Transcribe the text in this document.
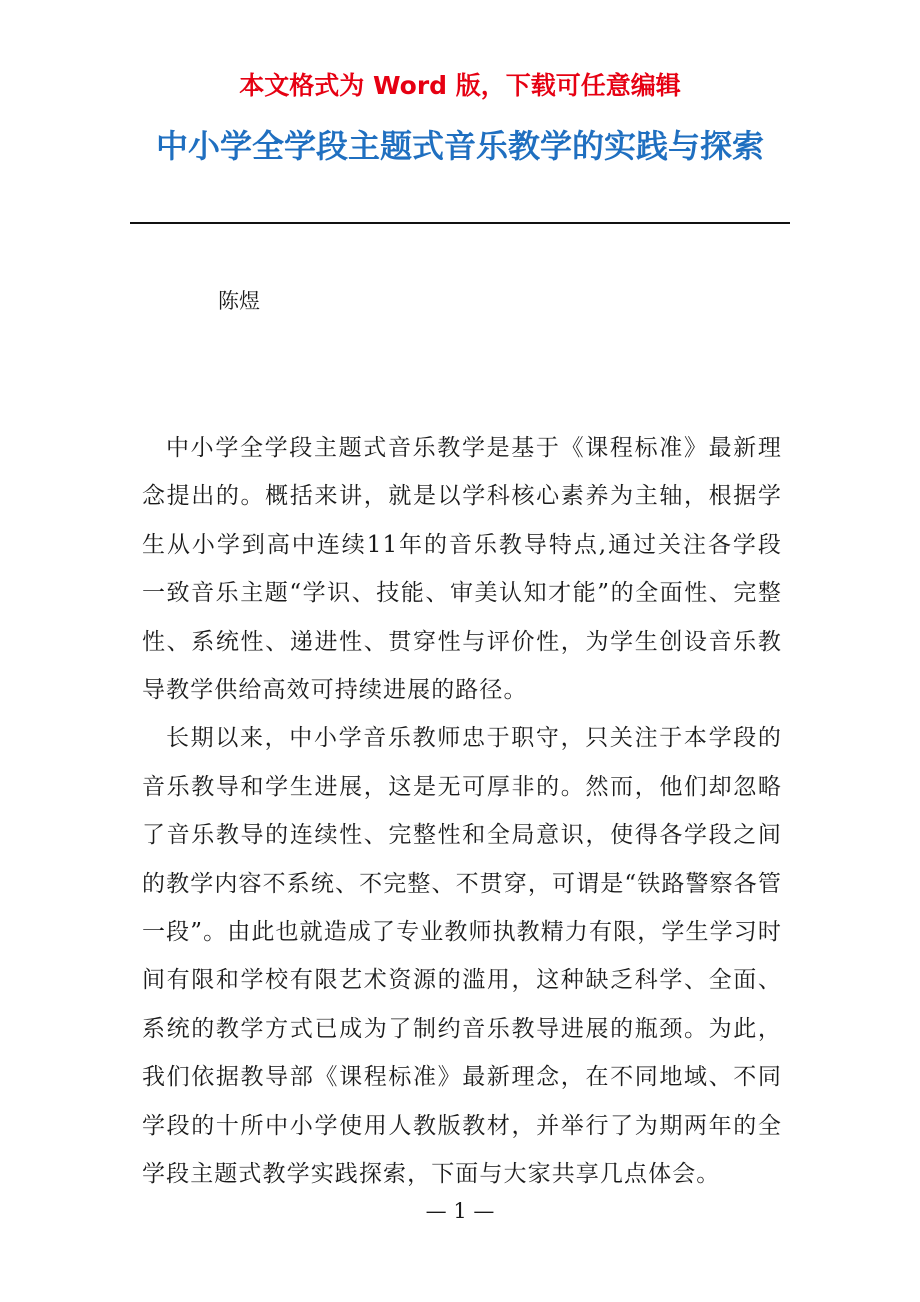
本文格式为 Word 版，下载可任意编辑

中小学全学段主题式音乐教学的实践与探索

陈煜

中小学全学段主题式音乐教学是基于《课程标准》最新理念提出的。概括来讲，就是以学科核心素养为主轴，根据学生从小学到高中连续11年的音乐教导特点,通过关注各学段一致音乐主题“学识、技能、审美认知才能”的全面性、完整性、系统性、递进性、贯穿性与评价性，为学生创设音乐教导教学供给高效可持续进展的路径。

长期以来，中小学音乐教师忠于职守，只关注于本学段的音乐教导和学生进展，这是无可厚非的。然而，他们却忽略了音乐教导的连续性、完整性和全局意识，使得各学段之间的教学内容不系统、不完整、不贯穿，可谓是“铁路警察各管一段”。由此也就造成了专业教师执教精力有限，学生学习时间有限和学校有限艺术资源的滥用，这种缺乏科学、全面、系统的教学方式已成为了制约音乐教导进展的瓶颈。为此，我们依据教导部《课程标准》最新理念，在不同地域、不同学段的十所中小学使用人教版教材，并举行了为期两年的全学段主题式教学实践探索，下面与大家共享几点体会。

— 1 —
